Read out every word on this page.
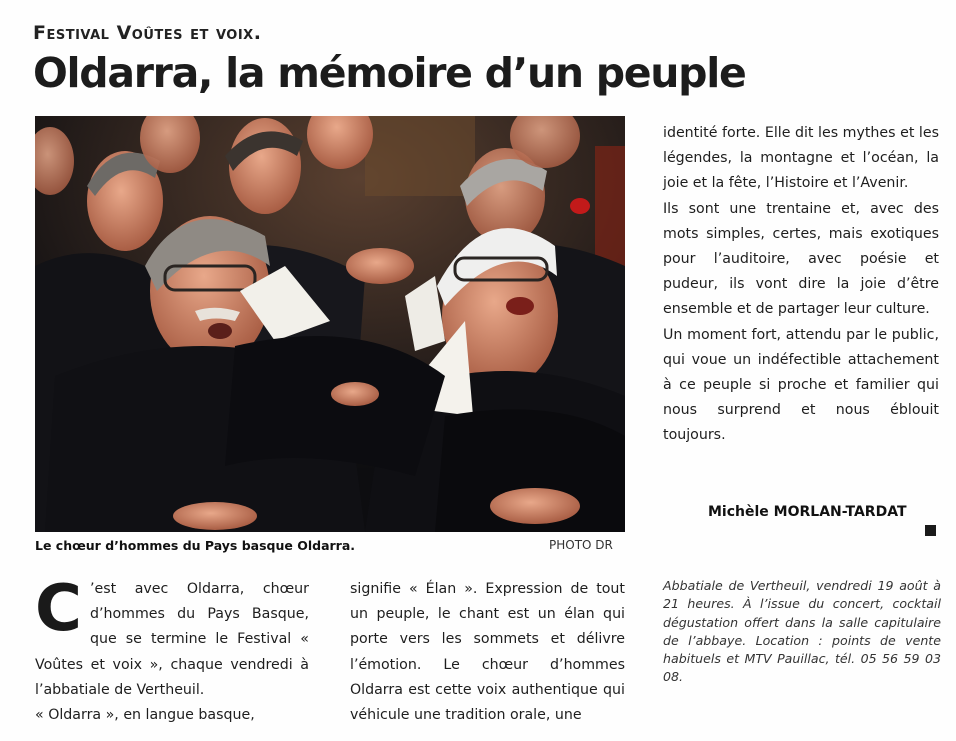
Festival Voûtes et voix.
Oldarra, la mémoire d’un peuple
Le chœur d’hommes du Pays basque Oldarra.	PHOTO DR

identité forte. Elle dit les mythes et les légendes, la montagne et l’océan, la joie et la fête, l’Histoire et l’Avenir.

Ils sont une trentaine et, avec des mots simples, certes, mais exotiques pour l’auditoire, avec poésie et pudeur, ils vont dire la joie d’être ensemble et de partager leur culture.

Un moment fort, attendu par le public, qui voue un indéfectible attachement à ce peuple si proche et familier qui nous surprend et nous éblouit toujours.

Michèle MORLAN-TARDAT

C ’est avec Oldarra, chœur d’hommes du Pays Basque, que se termine le Festival « Voûtes et voix », chaque vendredi à l’abbatiale de Vertheuil.

« Oldarra », en langue basque,

signifie « Élan ». Expression de tout un peuple, le chant est un élan qui porte vers les sommets et délivre l’émotion. Le chœur d’hommes Oldarra est cette voix authentique qui véhicule une tradition orale, une

Abbatiale de Vertheuil, vendredi 19 août à 21 heures. À l’issue du concert, cocktail dégustation offert dans la salle capitulaire de l’abbaye. Location : points de vente habituels et MTV Pauillac, tél. 05 56 59 03 08.
